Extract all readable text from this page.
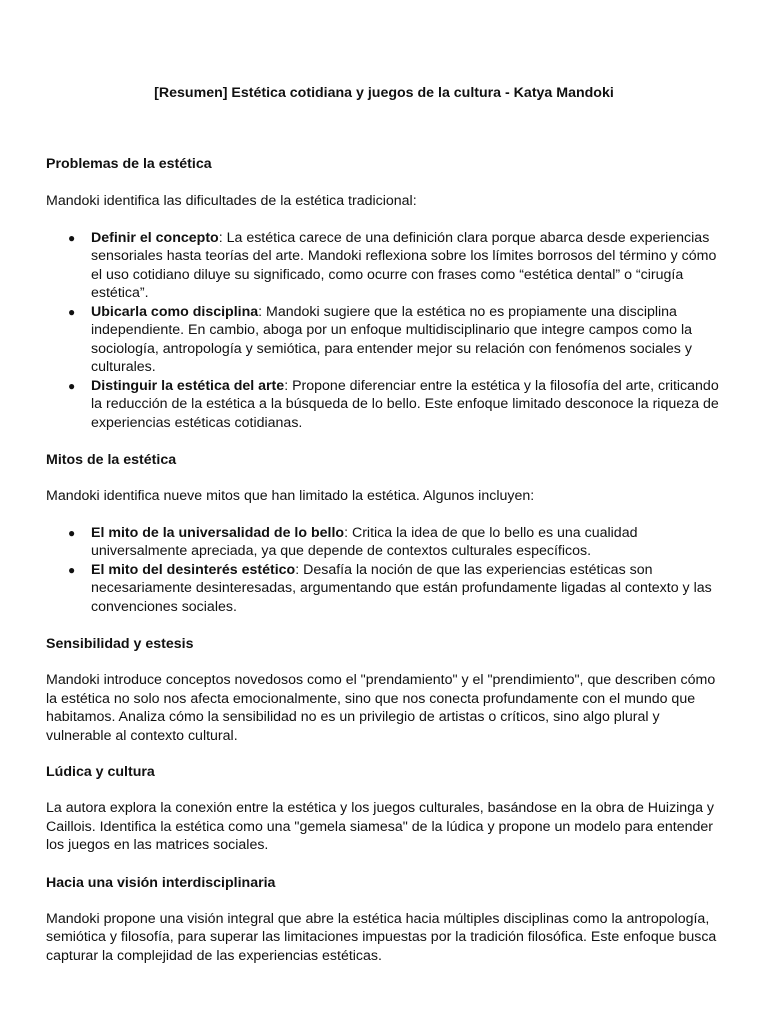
[Resumen] Estética cotidiana y juegos de la cultura - Katya Mandoki
Problemas de la estética

Mandoki identifica las dificultades de la estética tradicional:

● Definir el concepto: La estética carece de una definición clara porque abarca desde experiencias sensoriales hasta teorías del arte. Mandoki reflexiona sobre los límites borrosos del término y cómo el uso cotidiano diluye su significado, como ocurre con frases como “estética dental” o “cirugía estética”.
● Ubicarla como disciplina: Mandoki sugiere que la estética no es propiamente una disciplina independiente. En cambio, aboga por un enfoque multidisciplinario que integre campos como la sociología, antropología y semiótica, para entender mejor su relación con fenómenos sociales y culturales.
● Distinguir la estética del arte: Propone diferenciar entre la estética y la filosofía del arte, criticando la reducción de la estética a la búsqueda de lo bello. Este enfoque limitado desconoce la riqueza de experiencias estéticas cotidianas.
Mitos de la estética

Mandoki identifica nueve mitos que han limitado la estética. Algunos incluyen:

● El mito de la universalidad de lo bello: Critica la idea de que lo bello es una cualidad universalmente apreciada, ya que depende de contextos culturales específicos.
● El mito del desinterés estético: Desafía la noción de que las experiencias estéticas son necesariamente desinteresadas, argumentando que están profundamente ligadas al contexto y las convenciones sociales.
Sensibilidad y estesis

Mandoki introduce conceptos novedosos como el "prendamiento" y el "prendimiento", que describen cómo la estética no solo nos afecta emocionalmente, sino que nos conecta profundamente con el mundo que habitamos. Analiza cómo la sensibilidad no es un privilegio de artistas o críticos, sino algo plural y vulnerable al contexto cultural.

Lúdica y cultura

La autora explora la conexión entre la estética y los juegos culturales, basándose en la obra de Huizinga y Caillois. Identifica la estética como una "gemela siamesa" de la lúdica y propone un modelo para entender los juegos en las matrices sociales.

Hacia una visión interdisciplinaria

Mandoki propone una visión integral que abre la estética hacia múltiples disciplinas como la antropología, semiótica y filosofía, para superar las limitaciones impuestas por la tradición filosófica. Este enfoque busca capturar la complejidad de las experiencias estéticas.
